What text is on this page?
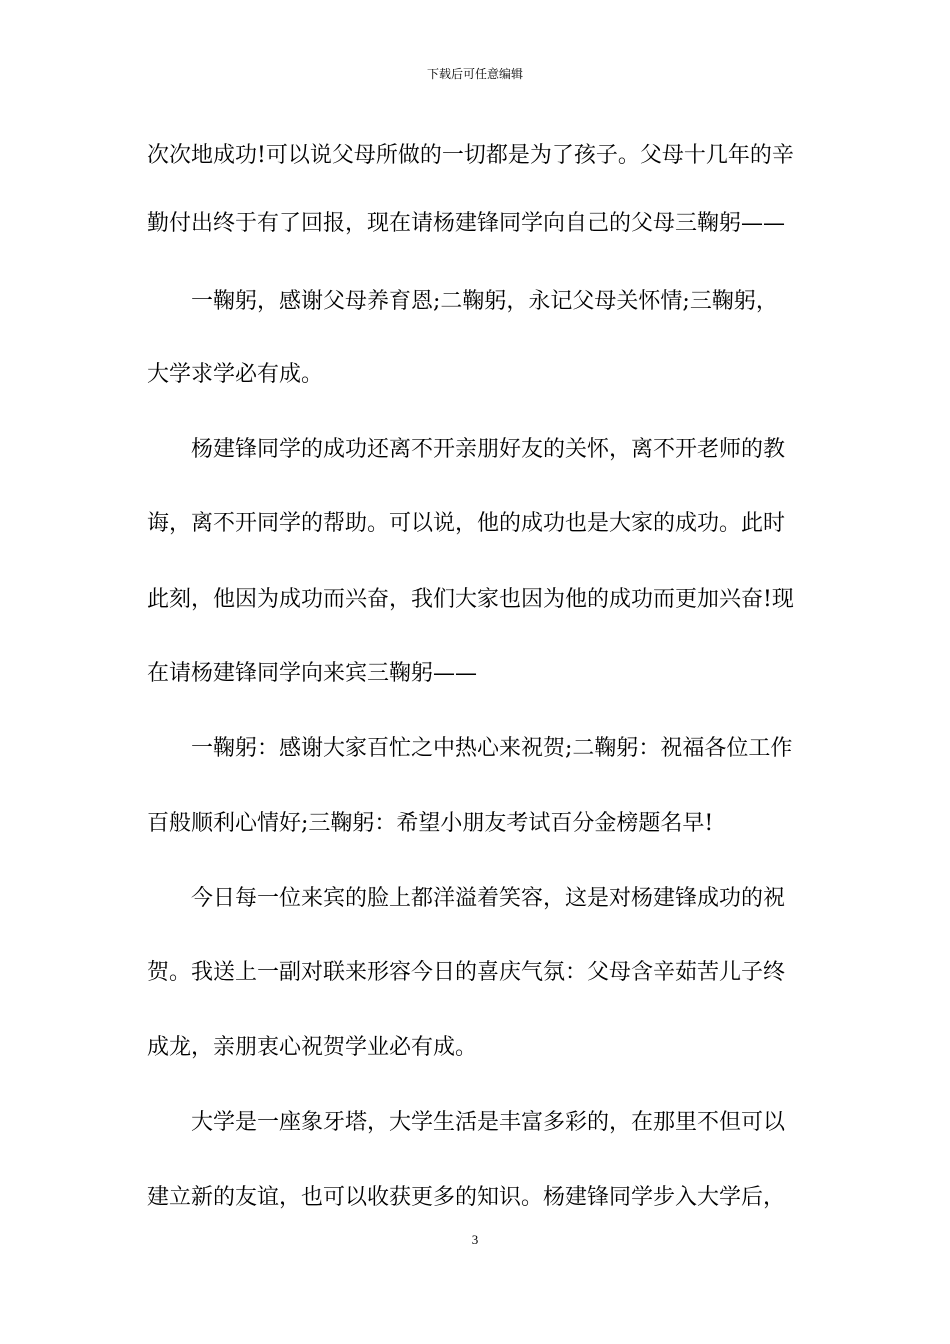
下载后可任意编辑
次次地成功!可以说父母所做的一切都是为了孩子。父母十几年的辛
勤付出终于有了回报，现在请杨建锋同学向自己的父母三鞠躬——
　　一鞠躬，感谢父母养育恩;二鞠躬，永记父母关怀情;三鞠躬，
大学求学必有成。
　　杨建锋同学的成功还离不开亲朋好友的关怀，离不开老师的教
诲，离不开同学的帮助。可以说，他的成功也是大家的成功。此时
此刻，他因为成功而兴奋，我们大家也因为他的成功而更加兴奋!现
在请杨建锋同学向来宾三鞠躬——
　　一鞠躬：感谢大家百忙之中热心来祝贺;二鞠躬：祝福各位工作
百般顺利心情好;三鞠躬：希望小朋友考试百分金榜题名早!
　　今日每一位来宾的脸上都洋溢着笑容，这是对杨建锋成功的祝
贺。我送上一副对联来形容今日的喜庆气氛：父母含辛茹苦儿子终
成龙，亲朋衷心祝贺学业必有成。
　　大学是一座象牙塔，大学生活是丰富多彩的，在那里不但可以
建立新的友谊，也可以收获更多的知识。杨建锋同学步入大学后，
3
